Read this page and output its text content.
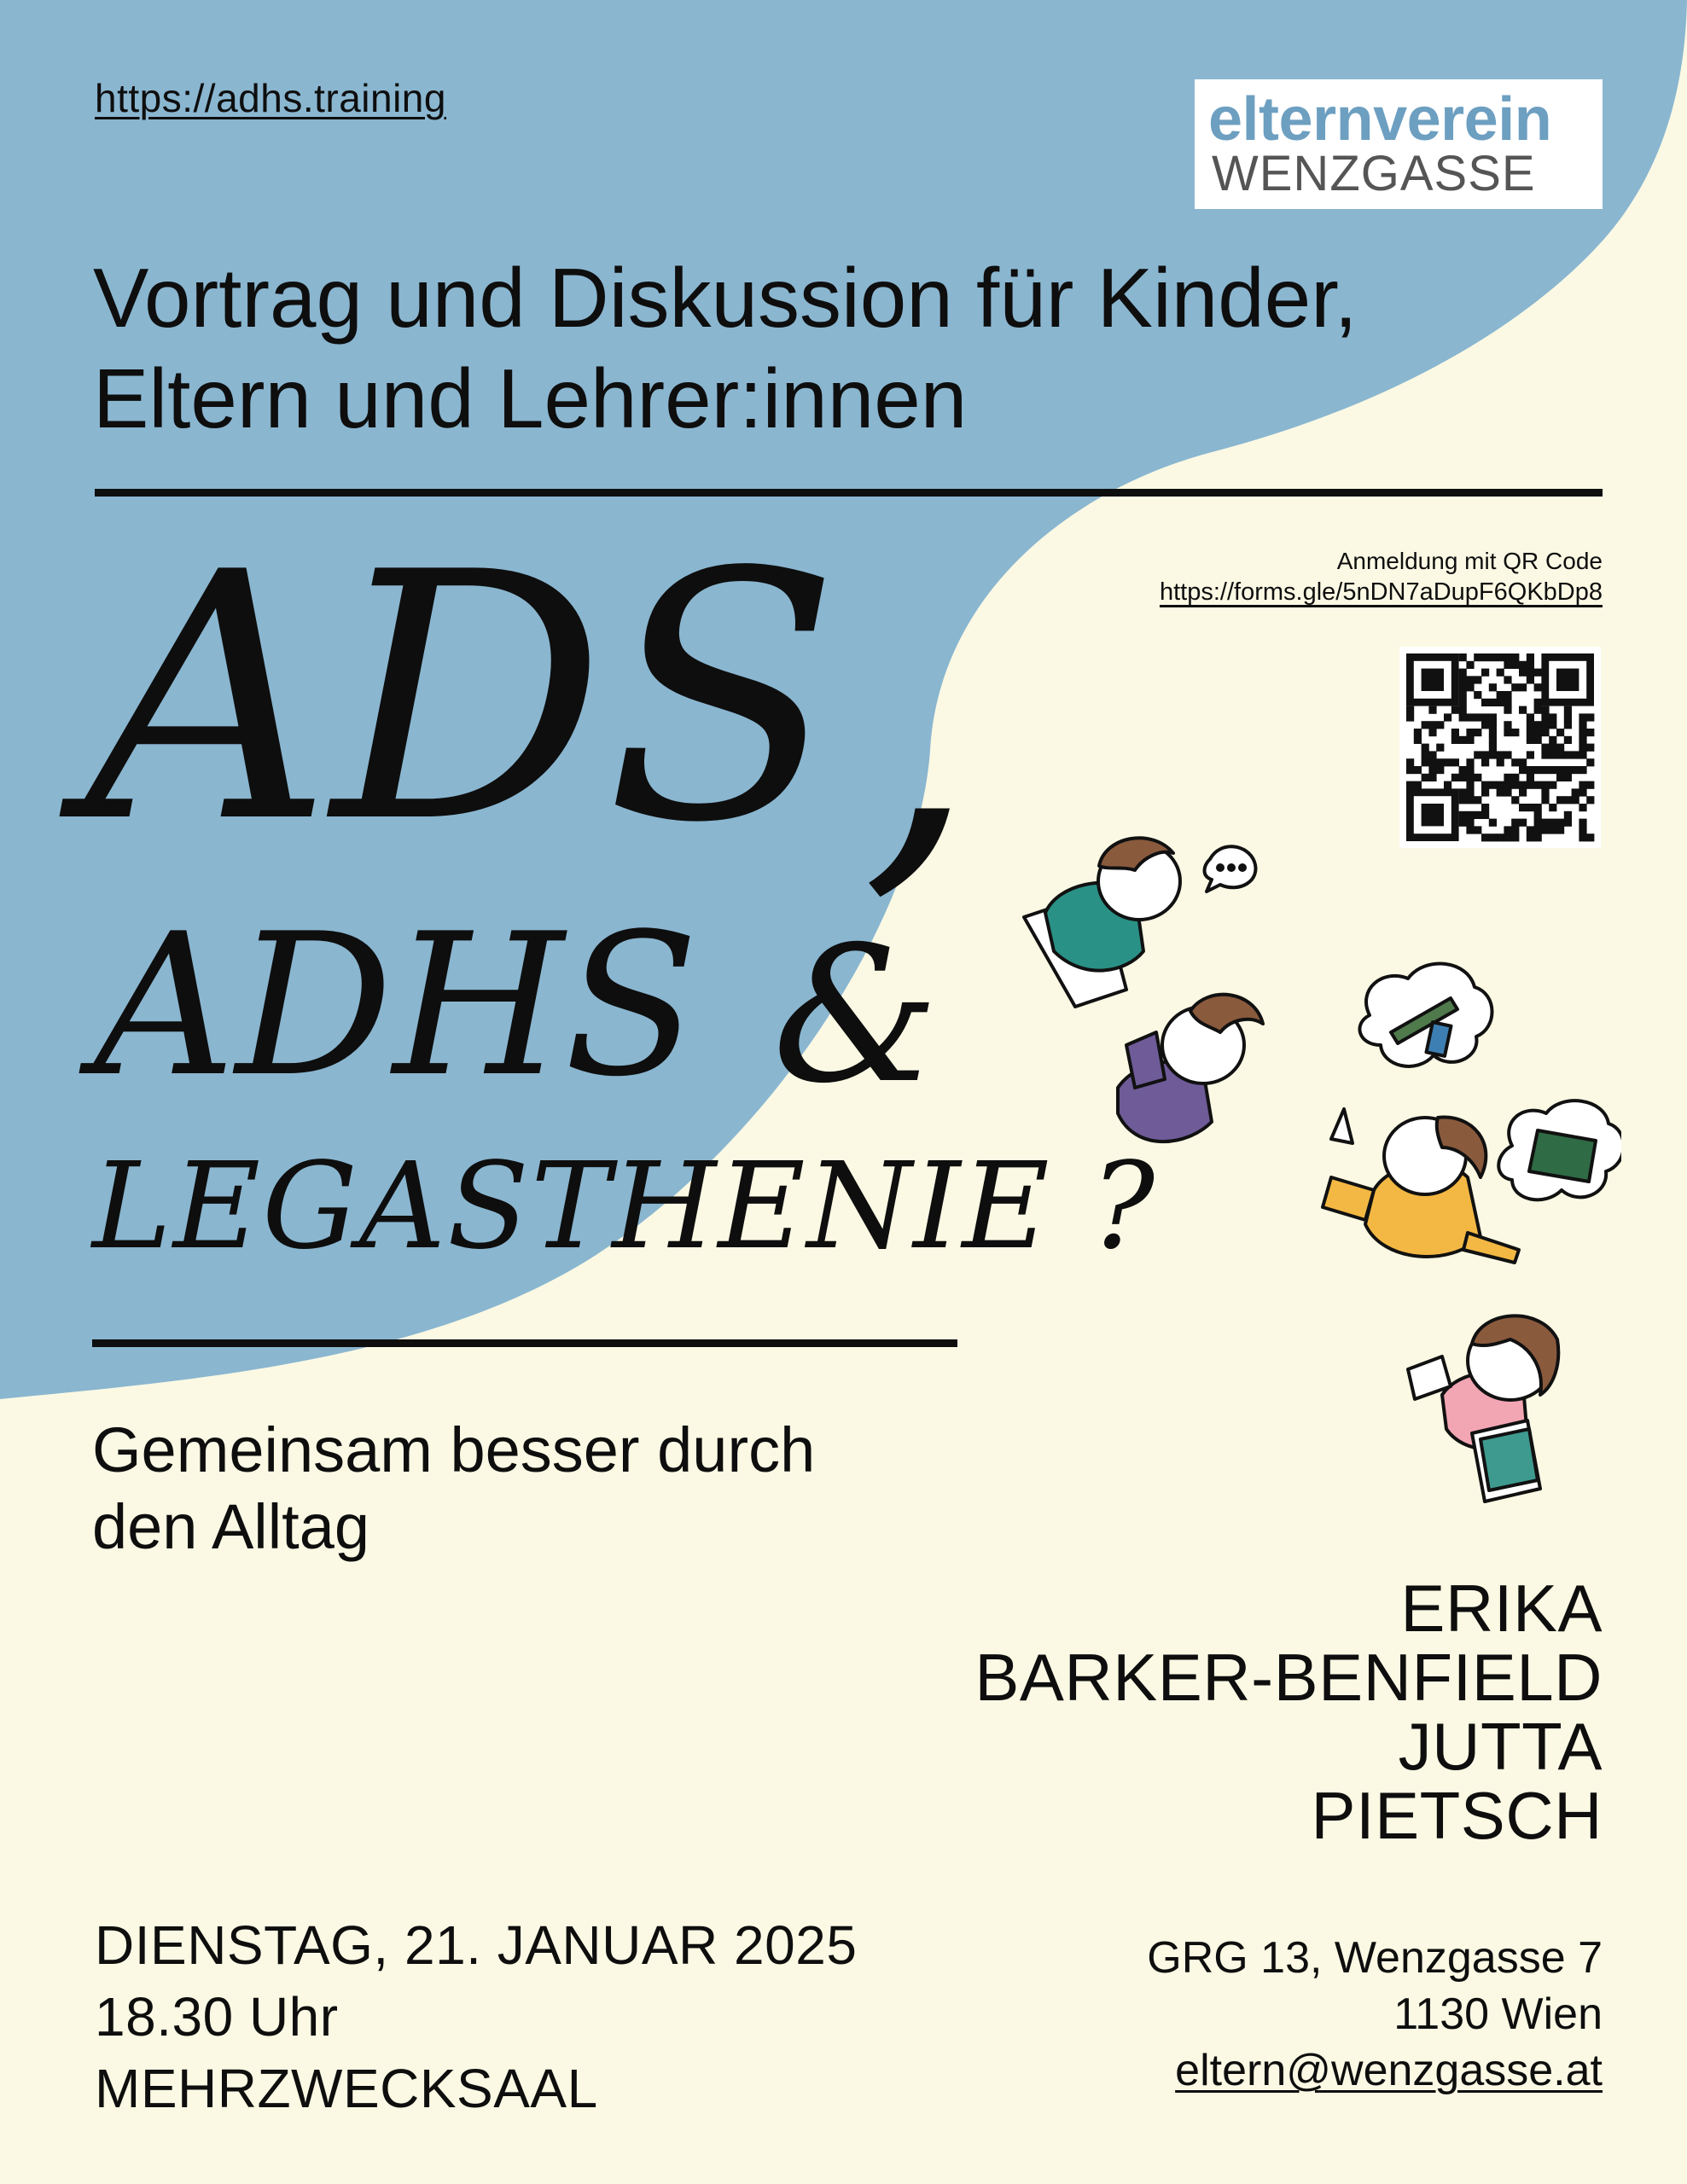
https://adhs.training	elternverein
WENZGASSE
Vortrag und Diskussion für Kinder,
Eltern und Lehrer:innen
Anmeldung mit QR Code
https://forms.gle/5nDN7aDupF6QKbDp8
ADS ,
ADHS &
LEGASTHENIE ?
Gemeinsam besser durch
den Alltag
ERIKA
BARKER-BENFIELD
JUTTA
PIETSCH
DIENSTAG, 21. JANUAR 2025
18.30 Uhr
MEHRZWECKSAAL
GRG 13, Wenzgasse 7
1130 Wien
eltern@wenzgasse.at
